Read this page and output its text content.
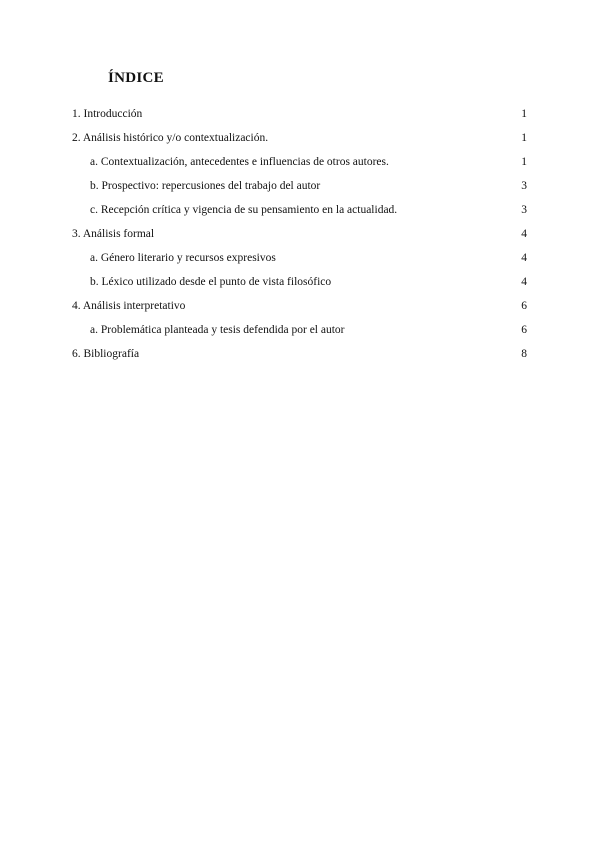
ÍNDICE
1. Introducción	1
2. Análisis histórico y/o contextualización.	1
a. Contextualización, antecedentes e influencias de otros autores.	1
b. Prospectivo: repercusiones del trabajo del autor	3
c. Recepción crítica y vigencia de su pensamiento en la actualidad.	3
3. Análisis formal	4
a. Género literario y recursos expresivos	4
b. Léxico utilizado desde el punto de vista filosófico	4
4. Análisis interpretativo	6
a. Problemática planteada y tesis defendida por el autor	6
6. Bibliografía	8
